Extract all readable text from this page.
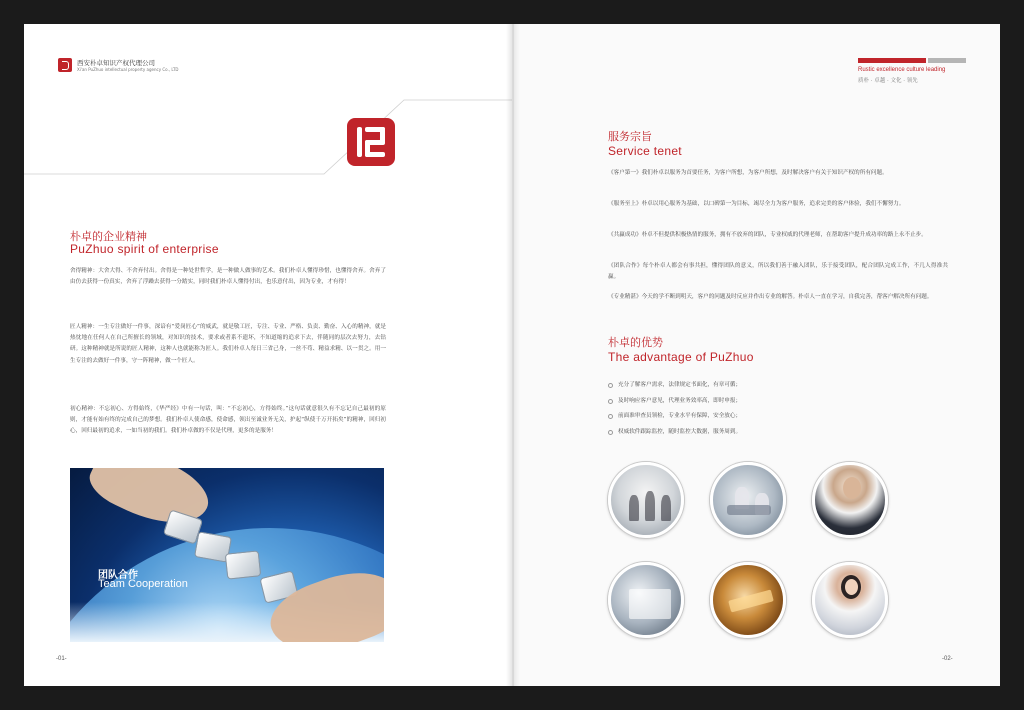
西安朴卓知识产权代理公司
Xi'an PuZhuo intellectual property agency Co., LTD
朴卓的企业精神
PuZhuo spirit of enterprise

舍得精神：大舍大得、不舍弃付出。舍得是一种处世哲学，是一种做人做事的艺术。我们朴卓人懂得珍惜，也懂得舍弃。舍弃了由仿去获得一份真实，舍弃了浮躁去获得一分踏实，同时我们朴卓人懂得付出，也乐意付出，因为专业，才有得！

匠人精神：一生专注做好一件事，深谙有“爱岗匠心”的威武，就是敬工匠，专注、专业、严格、负责、勤奋、入心的精神，就是热忱地在任何人在自己所擅长的领域，对知识的技术，要求或者系不遗坏，不知道缩的追求下去，伴随同的层次去努力，去钻研。这种精神就是所说的匠人精神，这种人也就能称为匠人。我们朴卓人每日三省己身，一丝不苟、精益求精、以一贯之。用一生专注的去做好一件事，守一阵精神，做一个匠人。

初心精神：不忘初心、方得始终，《华严经》中有一句话，叫：“不忘初心，方得始终。”这句话就意很久有不忘记自己最初的原则，才能有始有终的完成自己的梦想。我们朴卓人使命感，使命感，领出至诚业务无关，护起“纵使千万开拓矣”的精神，回归初心，回归最初的追求，一如当初的我们。我们朴卓做的不仅是代理，更多的是服务！

团队合作
Team Cooperation
-01-
Rustic excellence culture leading
质朴 · 卓越 · 文化 · 领先
服务宗旨
Service tenet

《客户第一》我们朴卓以服务为首要任务，为客户所想，为客户所想，及时解决客户有关于知识产权的所有问题。

《服务至上》朴卓以用心服务为基础，以口碑第一为目标，竭尽全力为客户服务，追求完美的客户体验，我们不懈努力。

《共赢成功》朴卓不但提供积极热情的服务，拥有不放弃的团队，专业权威的代理老师，在帮助客户提升成功率的路上永不止步。

《团队合作》每个朴卓人都会有事共担，懂得团队的意义，所以我们善于融入团队，乐于接受团队，配合团队完成工作，不几人得准共赢。

《专业精湛》今天的学不断到明天，客户的问题及时反应并作出专业的解答。朴卓人一直在学习，自我完善，帮客户解决所有问题。

朴卓的优势
The advantage of PuZhuo
充分了解客户需求，法律规定书面化，有章可循；
及时响应客户意见，代理业务效率高，即时申报；
前面准审查员领检，专业水平有保障，安全放心；
权威软件跟踪监控，随时监控大数据，服务周到。
-02-
